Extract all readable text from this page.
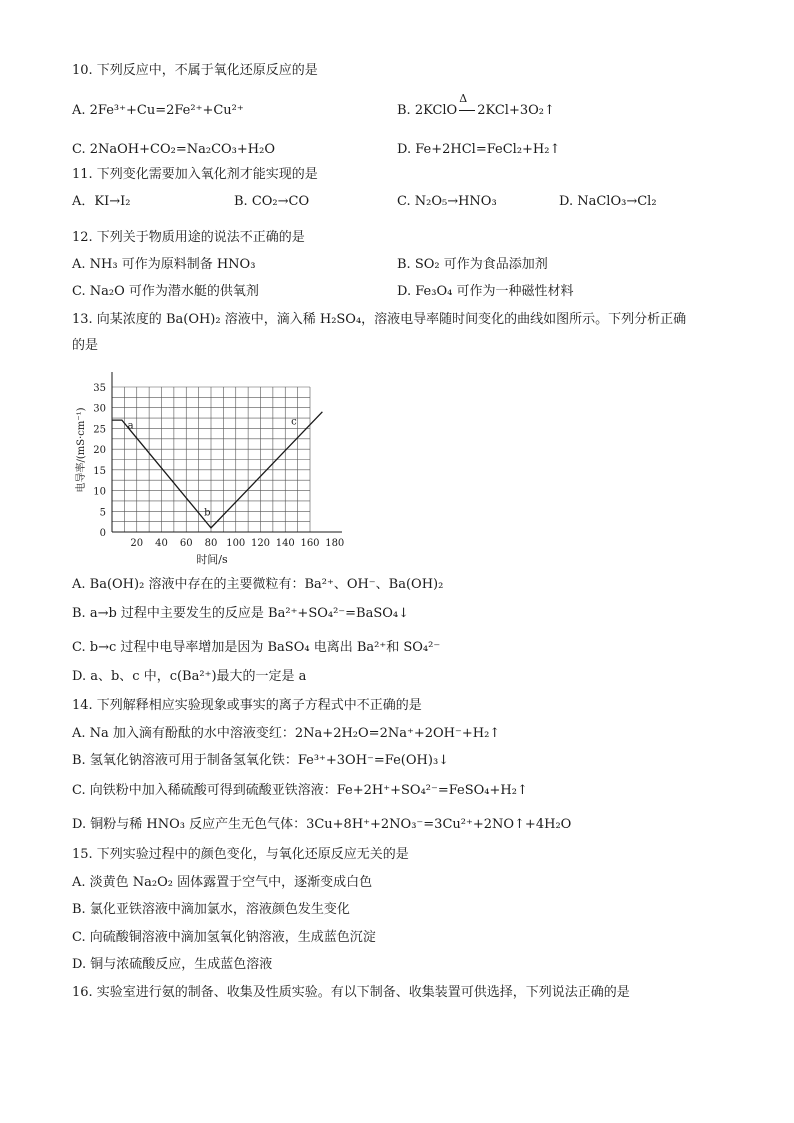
10. 下列反应中，不属于氧化还原反应的是
A. 2Fe³⁺+Cu=2Fe²⁺+Cu²⁺	B. 2KClO
Δ
2KCl+3O₂↑
C. 2NaOH+CO₂=Na₂CO₃+H₂O	D. Fe+2HCl=FeCl₂+H₂↑
11. 下列变化需要加入氧化剂才能实现的是
A．KI→I₂	B. CO₂→CO	C. N₂O₅→HNO₃	D. NaClO₃→Cl₂
12. 下列关于物质用途的说法不正确的是
A. NH₃ 可作为原料制备 HNO₃	B. SO₂ 可作为食品添加剂
C. Na₂O 可作为潜水艇的供氧剂	D. Fe₃O₄ 可作为一种磁性材料
13. 向某浓度的 Ba(OH)₂ 溶液中，滴入稀 H₂SO₄，溶液电导率随时间变化的曲线如图所示。下列分析正确
的是
0
5
10
15
20
25
30
35
20 40 60 80 100 120 140 160 180
a
b
c
时间/s
电导率/(mS·cm⁻¹)
A. Ba(OH)₂ 溶液中存在的主要微粒有：Ba²⁺、OH⁻、Ba(OH)₂
B. a→b 过程中主要发生的反应是 Ba²⁺+SO₄²⁻=BaSO₄↓
C. b→c 过程中电导率增加是因为 BaSO₄ 电离出 Ba²⁺和 SO₄²⁻
D. a、b、c 中，c(Ba²⁺)最大的一定是 a
14. 下列解释相应实验现象或事实的离子方程式中不正确的是
A. Na 加入滴有酚酞的水中溶液变红：2Na+2H₂O=2Na⁺+2OH⁻+H₂↑
B. 氢氧化钠溶液可用于制备氢氧化铁：Fe³⁺+3OH⁻=Fe(OH)₃↓
C. 向铁粉中加入稀硫酸可得到硫酸亚铁溶液：Fe+2H⁺+SO₄²⁻=FeSO₄+H₂↑
D. 铜粉与稀 HNO₃ 反应产生无色气体：3Cu+8H⁺+2NO₃⁻=3Cu²⁺+2NO↑+4H₂O
15. 下列实验过程中的颜色变化，与氧化还原反应无关的是
A. 淡黄色 Na₂O₂ 固体露置于空气中，逐渐变成白色
B. 氯化亚铁溶液中滴加氯水，溶液颜色发生变化
C. 向硫酸铜溶液中滴加氢氧化钠溶液，生成蓝色沉淀
D. 铜与浓硫酸反应，生成蓝色溶液
16. 实验室进行氨的制备、收集及性质实验。有以下制备、收集装置可供选择，下列说法正确的是
